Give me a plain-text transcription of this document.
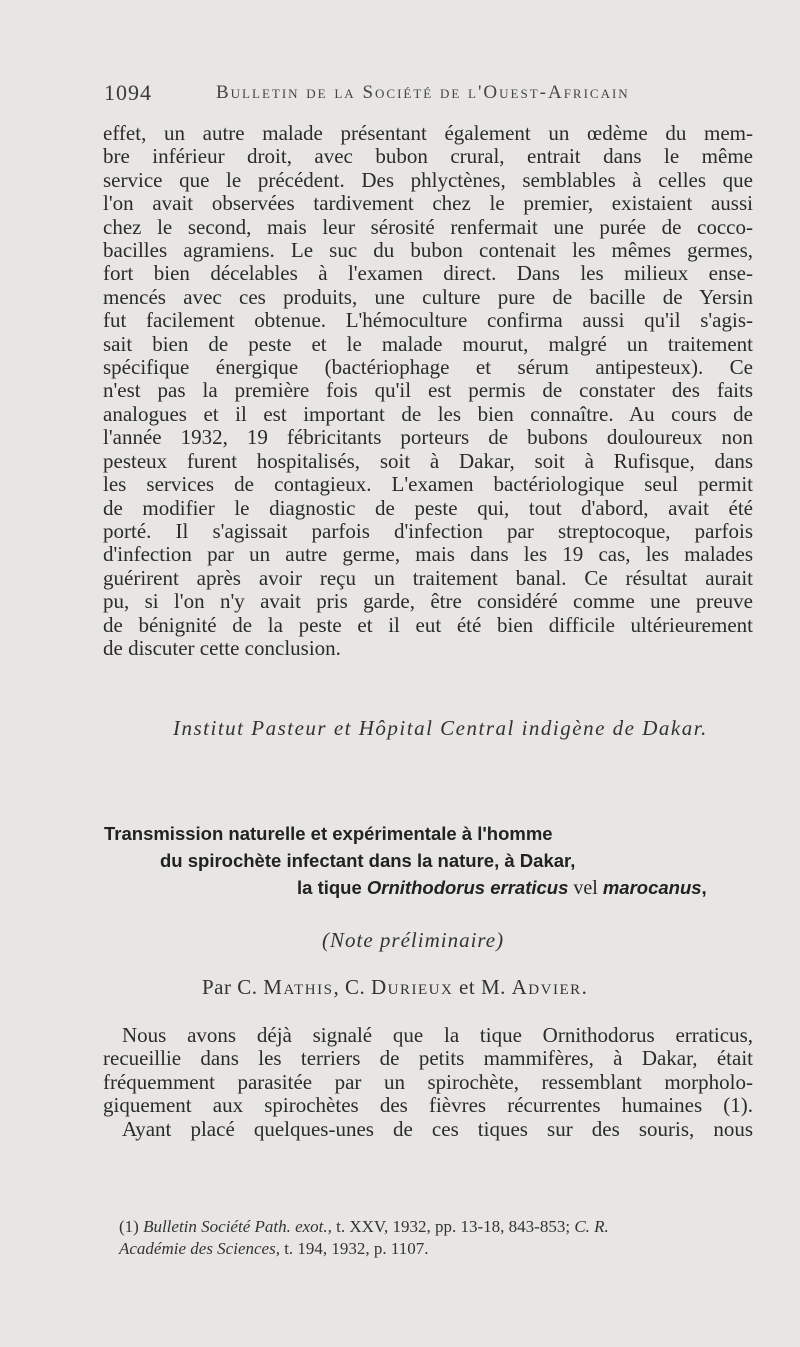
1094	Bulletin de la Société de l'Ouest-Africain
effet, un autre malade présentant également un œdème du mem-
bre inférieur droit, avec bubon crural, entrait dans le même
service que le précédent. Des phlyctènes, semblables à celles que
l'on avait observées tardivement chez le premier, existaient aussi
chez le second, mais leur sérosité renfermait une purée de cocco-
bacilles agramiens. Le suc du bubon contenait les mêmes germes,
fort bien décelables à l'examen direct. Dans les milieux ense-
mencés avec ces produits, une culture pure de bacille de Yersin
fut facilement obtenue. L'hémoculture confirma aussi qu'il s'agis-
sait bien de peste et le malade mourut, malgré un traitement
spécifique énergique (bactériophage et sérum antipesteux). Ce
n'est pas la première fois qu'il est permis de constater des faits
analogues et il est important de les bien connaître. Au cours de
l'année 1932, 19 fébricitants porteurs de bubons douloureux non
pesteux furent hospitalisés, soit à Dakar, soit à Rufisque, dans
les services de contagieux. L'examen bactériologique seul permit
de modifier le diagnostic de peste qui, tout d'abord, avait été
porté. Il s'agissait parfois d'infection par streptocoque, parfois
d'infection par un autre germe, mais dans les 19 cas, les malades
guérirent après avoir reçu un traitement banal. Ce résultat aurait
pu, si l'on n'y avait pris garde, être considéré comme une preuve
de bénignité de la peste et il eut été bien difficile ultérieurement
de discuter cette conclusion.
Institut Pasteur et Hôpital Central indigène de Dakar.
Transmission naturelle et expérimentale à l'homme
du spirochète infectant dans la nature, à Dakar,
la tique Ornithodorus erraticus vel marocanus,
(Note préliminaire)
Par C. Mathis, C. Durieux et M. Advier.
Nous avons déjà signalé que la tique Ornithodorus erraticus,
recueillie dans les terriers de petits mammifères, à Dakar, était
fréquemment parasitée par un spirochète, ressemblant morpholo-
giquement aux spirochètes des fièvres récurrentes humaines (1).
Ayant placé quelques-unes de ces tiques sur des souris, nous
(1) Bulletin Société Path. exot., t. XXV, 1932, pp. 13-18, 843-853; C. R.
Académie des Sciences, t. 194, 1932, p. 1107.
